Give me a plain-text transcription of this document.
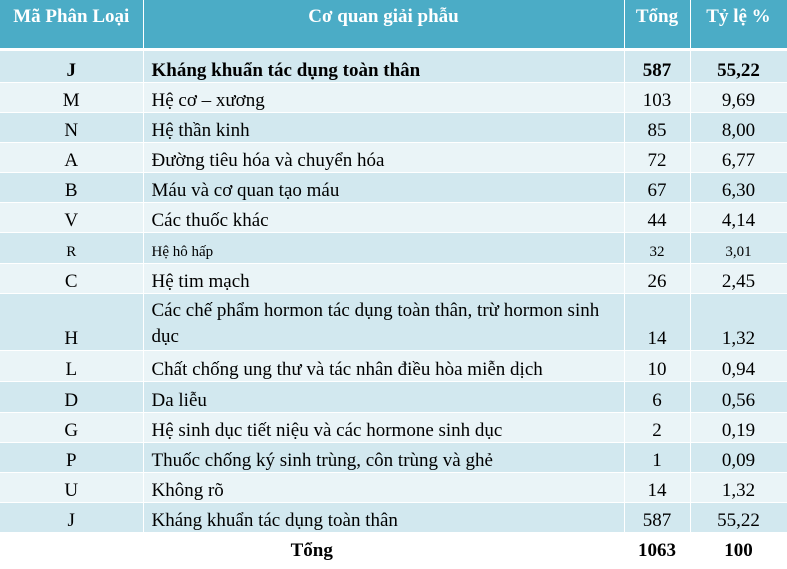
Mã Phân Loại	Cơ quan giải phẫu	Tổng	Tỷ lệ %

J	Kháng khuẩn tác dụng toàn thân	587	55,22
M	Hệ cơ – xương	103	9,69
N	Hệ thần kinh	85	8,00
A	Đường tiêu hóa và chuyển hóa	72	6,77
B	Máu và cơ quan tạo máu	67	6,30
V	Các thuốc khác	44	4,14
R	Hệ hô hấp	32	3,01
C	Hệ tim mạch	26	2,45
H	Các chế phẩm hormon tác dụng toàn thân, trừ hormon sinh dục	14	1,32
L	Chất chống ung thư và tác nhân điều hòa miễn dịch	10	0,94
D	Da liễu	6	0,56
G	Hệ sinh dục tiết niệu và các hormone sinh dục	2	0,19
P	Thuốc chống ký sinh trùng, côn trùng và ghẻ	1	0,09
U	Không rõ	14	1,32
J	Kháng khuẩn tác dụng toàn thân	587	55,22
Tổng		1063	100
